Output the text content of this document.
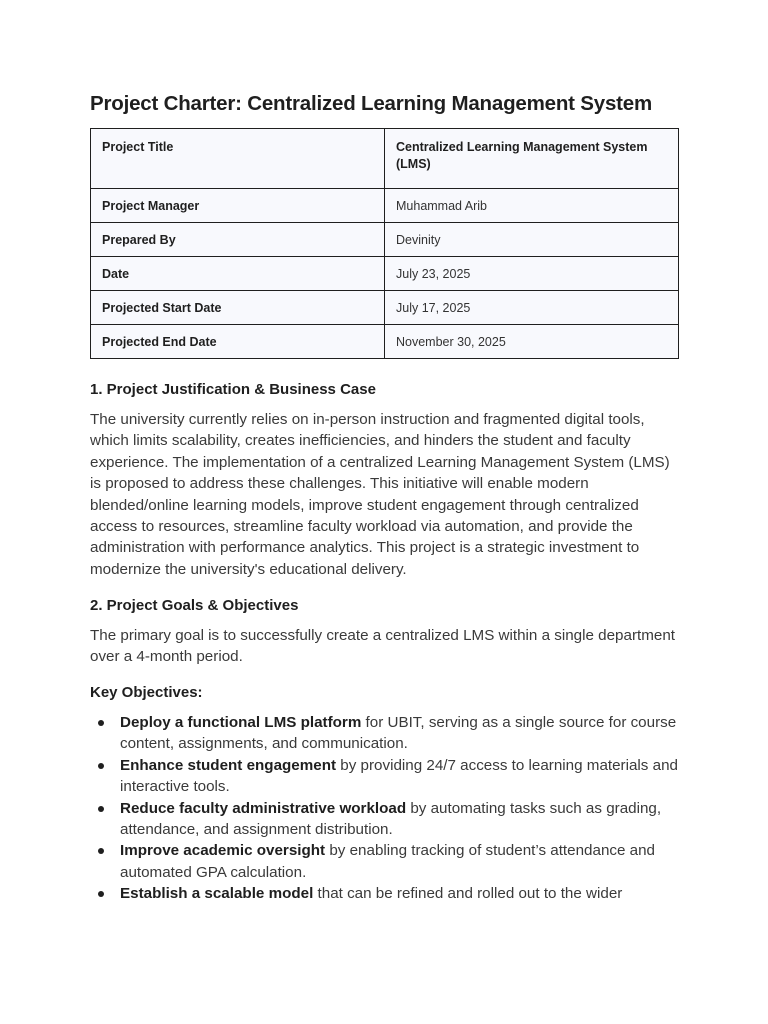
Project Charter: Centralized Learning Management System
Project Title	Centralized Learning Management System (LMS)
Project Manager	Muhammad Arib
Prepared By	Devinity
Date	July 23, 2025
Projected Start Date	July 17, 2025
Projected End Date	November 30, 2025
1. Project Justification & Business Case

The university currently relies on in-person instruction and fragmented digital tools, which limits scalability, creates inefficiencies, and hinders the student and faculty experience. The implementation of a centralized Learning Management System (LMS) is proposed to address these challenges. This initiative will enable modern blended/online learning models, improve student engagement through centralized access to resources, streamline faculty workload via automation, and provide the administration with performance analytics. This project is a strategic investment to modernize the university's educational delivery.

2. Project Goals & Objectives

The primary goal is to successfully create a centralized LMS within a single department over a 4-month period.

Key Objectives:
Deploy a functional LMS platform for UBIT, serving as a single source for course content, assignments, and communication.
Enhance student engagement by providing 24/7 access to learning materials and interactive tools.
Reduce faculty administrative workload by automating tasks such as grading, attendance, and assignment distribution.
Improve academic oversight by enabling tracking of student’s attendance and automated GPA calculation.
Establish a scalable model that can be refined and rolled out to the wider
